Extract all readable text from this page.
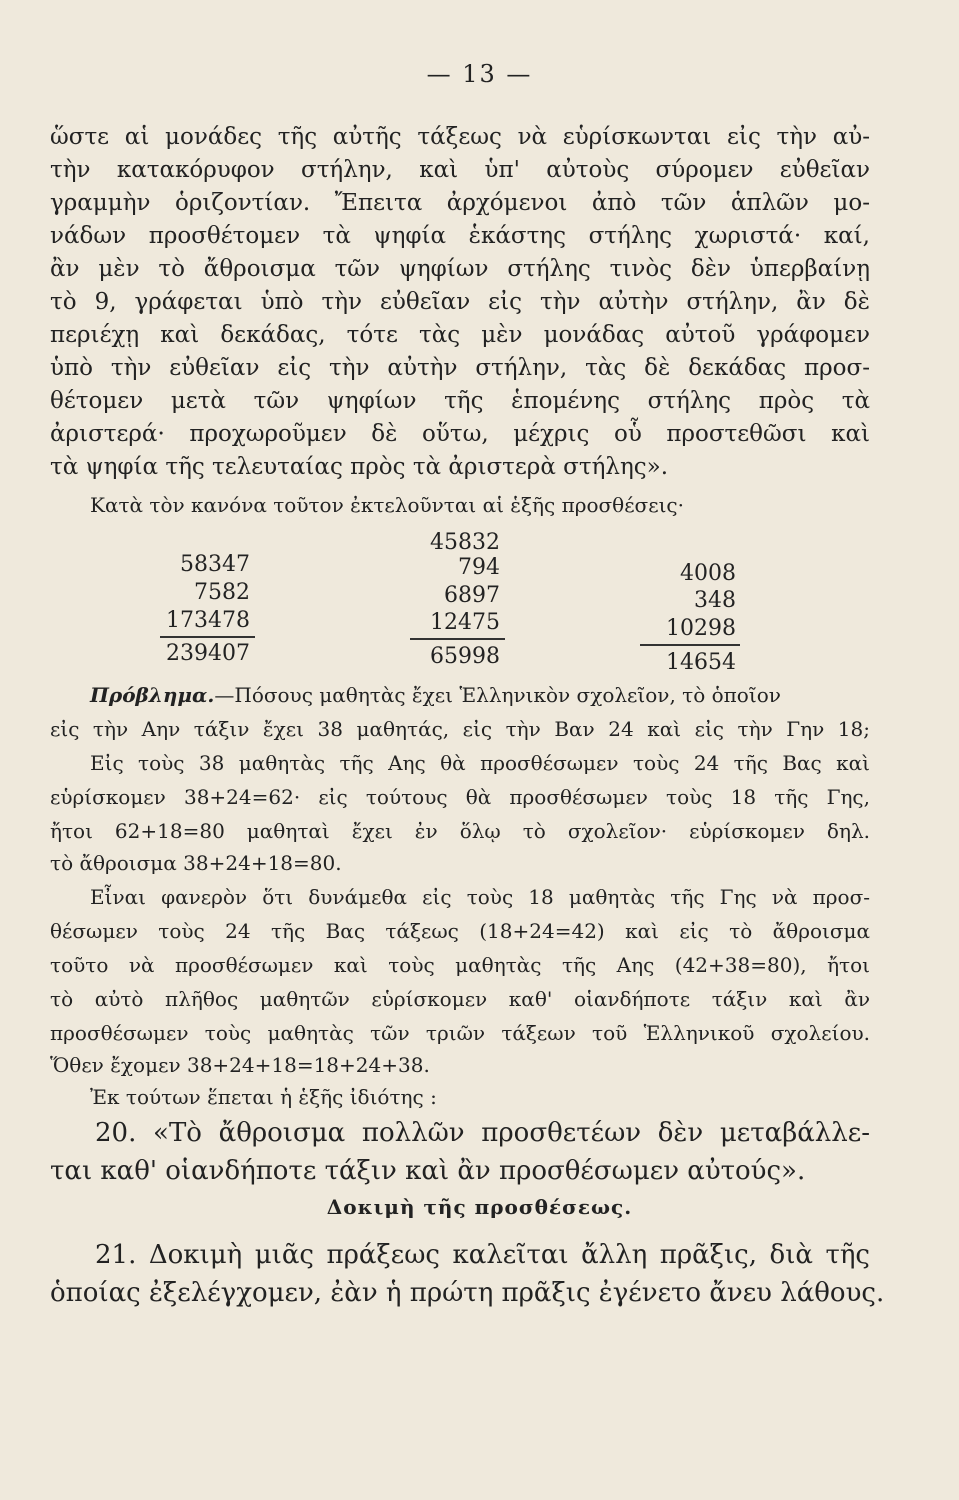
— 13 —
ὥστε αἱ μονάδες τῆς αὐτῆς τάξεως νὰ εὑρίσκωνται εἰς τὴν αὐ-
τὴν κατακόρυφον στήλην, καὶ ὑπ' αὐτοὺς σύρομεν εὐθεῖαν
γραμμὴν ὁριζοντίαν. Ἔπειτα ἀρχόμενοι ἀπὸ τῶν ἁπλῶν μο-
νάδων προσθέτομεν τὰ ψηφία ἑκάστης στήλης χωριστά· καί,
ἂν μὲν τὸ ἄθροισμα τῶν ψηφίων στήλης τινὸς δὲν ὑπερβαίνῃ
τὸ 9, γράφεται ὑπὸ τὴν εὐθεῖαν εἰς τὴν αὐτὴν στήλην, ἂν δὲ
περιέχῃ καὶ δεκάδας, τότε τὰς μὲν μονάδας αὐτοῦ γράφομεν
ὑπὸ τὴν εὐθεῖαν εἰς τὴν αὐτὴν στήλην, τὰς δὲ δεκάδας προσ-
θέτομεν μετὰ τῶν ψηφίων τῆς ἑπομένης στήλης πρὸς τὰ
ἀριστερά· προχωροῦμεν δὲ οὕτω, μέχρις οὗ προστεθῶσι καὶ
τὰ ψηφία τῆς τελευταίας πρὸς τὰ ἀριστερὰ στήλης».
Κατὰ τὸν κανόνα τοῦτον ἐκτελοῦνται αἱ ἑξῆς προσθέσεις·
45832
58347	794	4008
7582	6897	348
173478	12475	10298
239407	65998	14654
Πρόβλημα.—Πόσους μαθητὰς ἔχει Ἑλληνικὸν σχολεῖον, τὸ ὁποῖον
εἰς τὴν Αην τάξιν ἔχει 38 μαθητάς, εἰς τὴν Βαν 24 καὶ εἰς τὴν Γην 18;
Εἰς τοὺς 38 μαθητὰς τῆς Αης θὰ προσθέσωμεν τοὺς 24 τῆς Βας καὶ
εὑρίσκομεν 38+24=62· εἰς τούτους θὰ προσθέσωμεν τοὺς 18 τῆς Γης,
ἤτοι 62+18=80 μαθηταὶ ἔχει ἐν ὅλῳ τὸ σχολεῖον· εὑρίσκομεν δηλ.
τὸ ἄθροισμα 38+24+18=80.
Εἶναι φανερὸν ὅτι δυνάμεθα εἰς τοὺς 18 μαθητὰς τῆς Γης νὰ προσ-
θέσωμεν τοὺς 24 τῆς Βας τάξεως (18+24=42) καὶ εἰς τὸ ἄθροισμα
τοῦτο νὰ προσθέσωμεν καὶ τοὺς μαθητὰς τῆς Αης (42+38=80), ἤτοι
τὸ αὐτὸ πλῆθος μαθητῶν εὑρίσκομεν καθ' οἱανδήποτε τάξιν καὶ ἂν
προσθέσωμεν τοὺς μαθητὰς τῶν τριῶν τάξεων τοῦ Ἑλληνικοῦ σχολείου.
Ὅθεν ἔχομεν 38+24+18=18+24+38.
Ἐκ τούτων ἕπεται ἡ ἑξῆς ἰδιότης :
20. «Τὸ ἄθροισμα πολλῶν προσθετέων δὲν μεταβάλλε-
ται καθ' οἱανδήποτε τάξιν καὶ ἂν προσθέσωμεν αὐτούς».
Δοκιμὴ τῆς προσθέσεως.
21. Δοκιμὴ μιᾶς πράξεως καλεῖται ἄλλη πρᾶξις, διὰ τῆς
ὁποίας ἐξελέγχομεν, ἐὰν ἡ πρώτη πρᾶξις ἐγένετο ἄνευ λάθους.
